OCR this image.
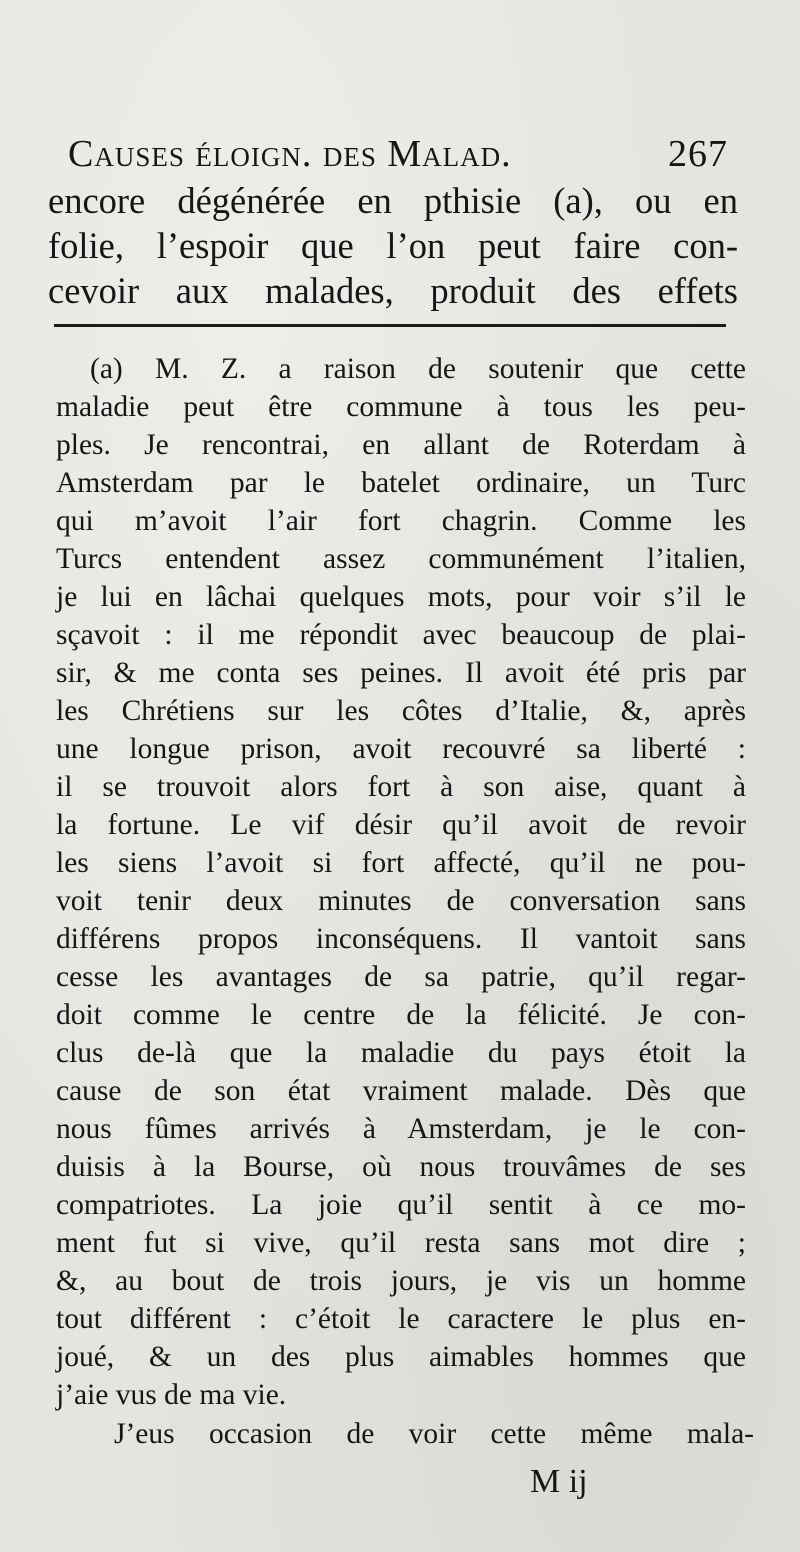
Causes éloign. des Malad.	267
encore dégénérée en pthisie (a), ou en
folie, l’espoir que l’on peut faire con-
cevoir aux malades, produit des effets
(a) M. Z. a raison de soutenir que cette
maladie peut être commune à tous les peu-
ples. Je rencontrai, en allant de Roterdam à
Amsterdam par le batelet ordinaire, un Turc
qui m’avoit l’air fort chagrin. Comme les
Turcs entendent assez communément l’italien,
je lui en lâchai quelques mots, pour voir s’il le
sçavoit : il me répondit avec beaucoup de plai-
sir, & me conta ses peines. Il avoit été pris par
les Chrétiens sur les côtes d’Italie, &, après
une longue prison, avoit recouvré sa liberté :
il se trouvoit alors fort à son aise, quant à
la fortune. Le vif désir qu’il avoit de revoir
les siens l’avoit si fort affecté, qu’il ne pou-
voit tenir deux minutes de conversation sans
différens propos inconséquens. Il vantoit sans
cesse les avantages de sa patrie, qu’il regar-
doit comme le centre de la félicité. Je con-
clus de-là que la maladie du pays étoit la
cause de son état vraiment malade. Dès que
nous fûmes arrivés à Amsterdam, je le con-
duisis à la Bourse, où nous trouvâmes de ses
compatriotes. La joie qu’il sentit à ce mo-
ment fut si vive, qu’il resta sans mot dire ;
&, au bout de trois jours, je vis un homme
tout différent : c’étoit le caractere le plus en-
joué, & un des plus aimables hommes que
j’aie vus de ma vie.
J’eus occasion de voir cette même mala-
M ij
